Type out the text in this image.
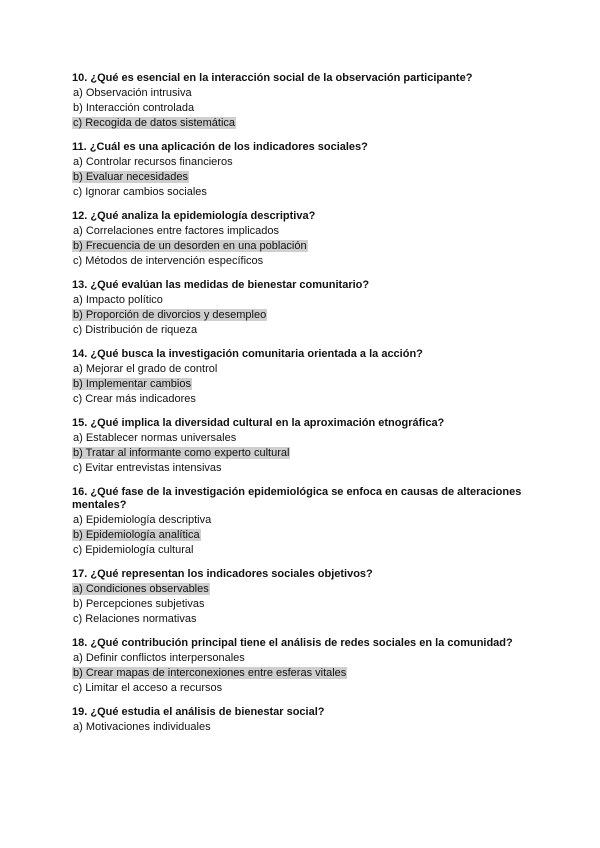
10. ¿Qué es esencial en la interacción social de la observación participante?
a) Observación intrusiva
b) Interacción controlada
c) Recogida de datos sistemática
11. ¿Cuál es una aplicación de los indicadores sociales?
a) Controlar recursos financieros
b) Evaluar necesidades
c) Ignorar cambios sociales
12. ¿Qué analiza la epidemiología descriptiva?
a) Correlaciones entre factores implicados
b) Frecuencia de un desorden en una población
c) Métodos de intervención específicos
13. ¿Qué evalúan las medidas de bienestar comunitario?
a) Impacto político
b) Proporción de divorcios y desempleo
c) Distribución de riqueza
14. ¿Qué busca la investigación comunitaria orientada a la acción?
a) Mejorar el grado de control
b) Implementar cambios
c) Crear más indicadores
15. ¿Qué implica la diversidad cultural en la aproximación etnográfica?
a) Establecer normas universales
b) Tratar al informante como experto cultural
c) Evitar entrevistas intensivas
16. ¿Qué fase de la investigación epidemiológica se enfoca en causas de alteraciones mentales?
a) Epidemiología descriptiva
b) Epidemiología analítica
c) Epidemiología cultural
17. ¿Qué representan los indicadores sociales objetivos?
a) Condiciones observables
b) Percepciones subjetivas
c) Relaciones normativas
18. ¿Qué contribución principal tiene el análisis de redes sociales en la comunidad?
a) Definir conflictos interpersonales
b) Crear mapas de interconexiones entre esferas vitales
c) Limitar el acceso a recursos
19. ¿Qué estudia el análisis de bienestar social?
a) Motivaciones individuales
